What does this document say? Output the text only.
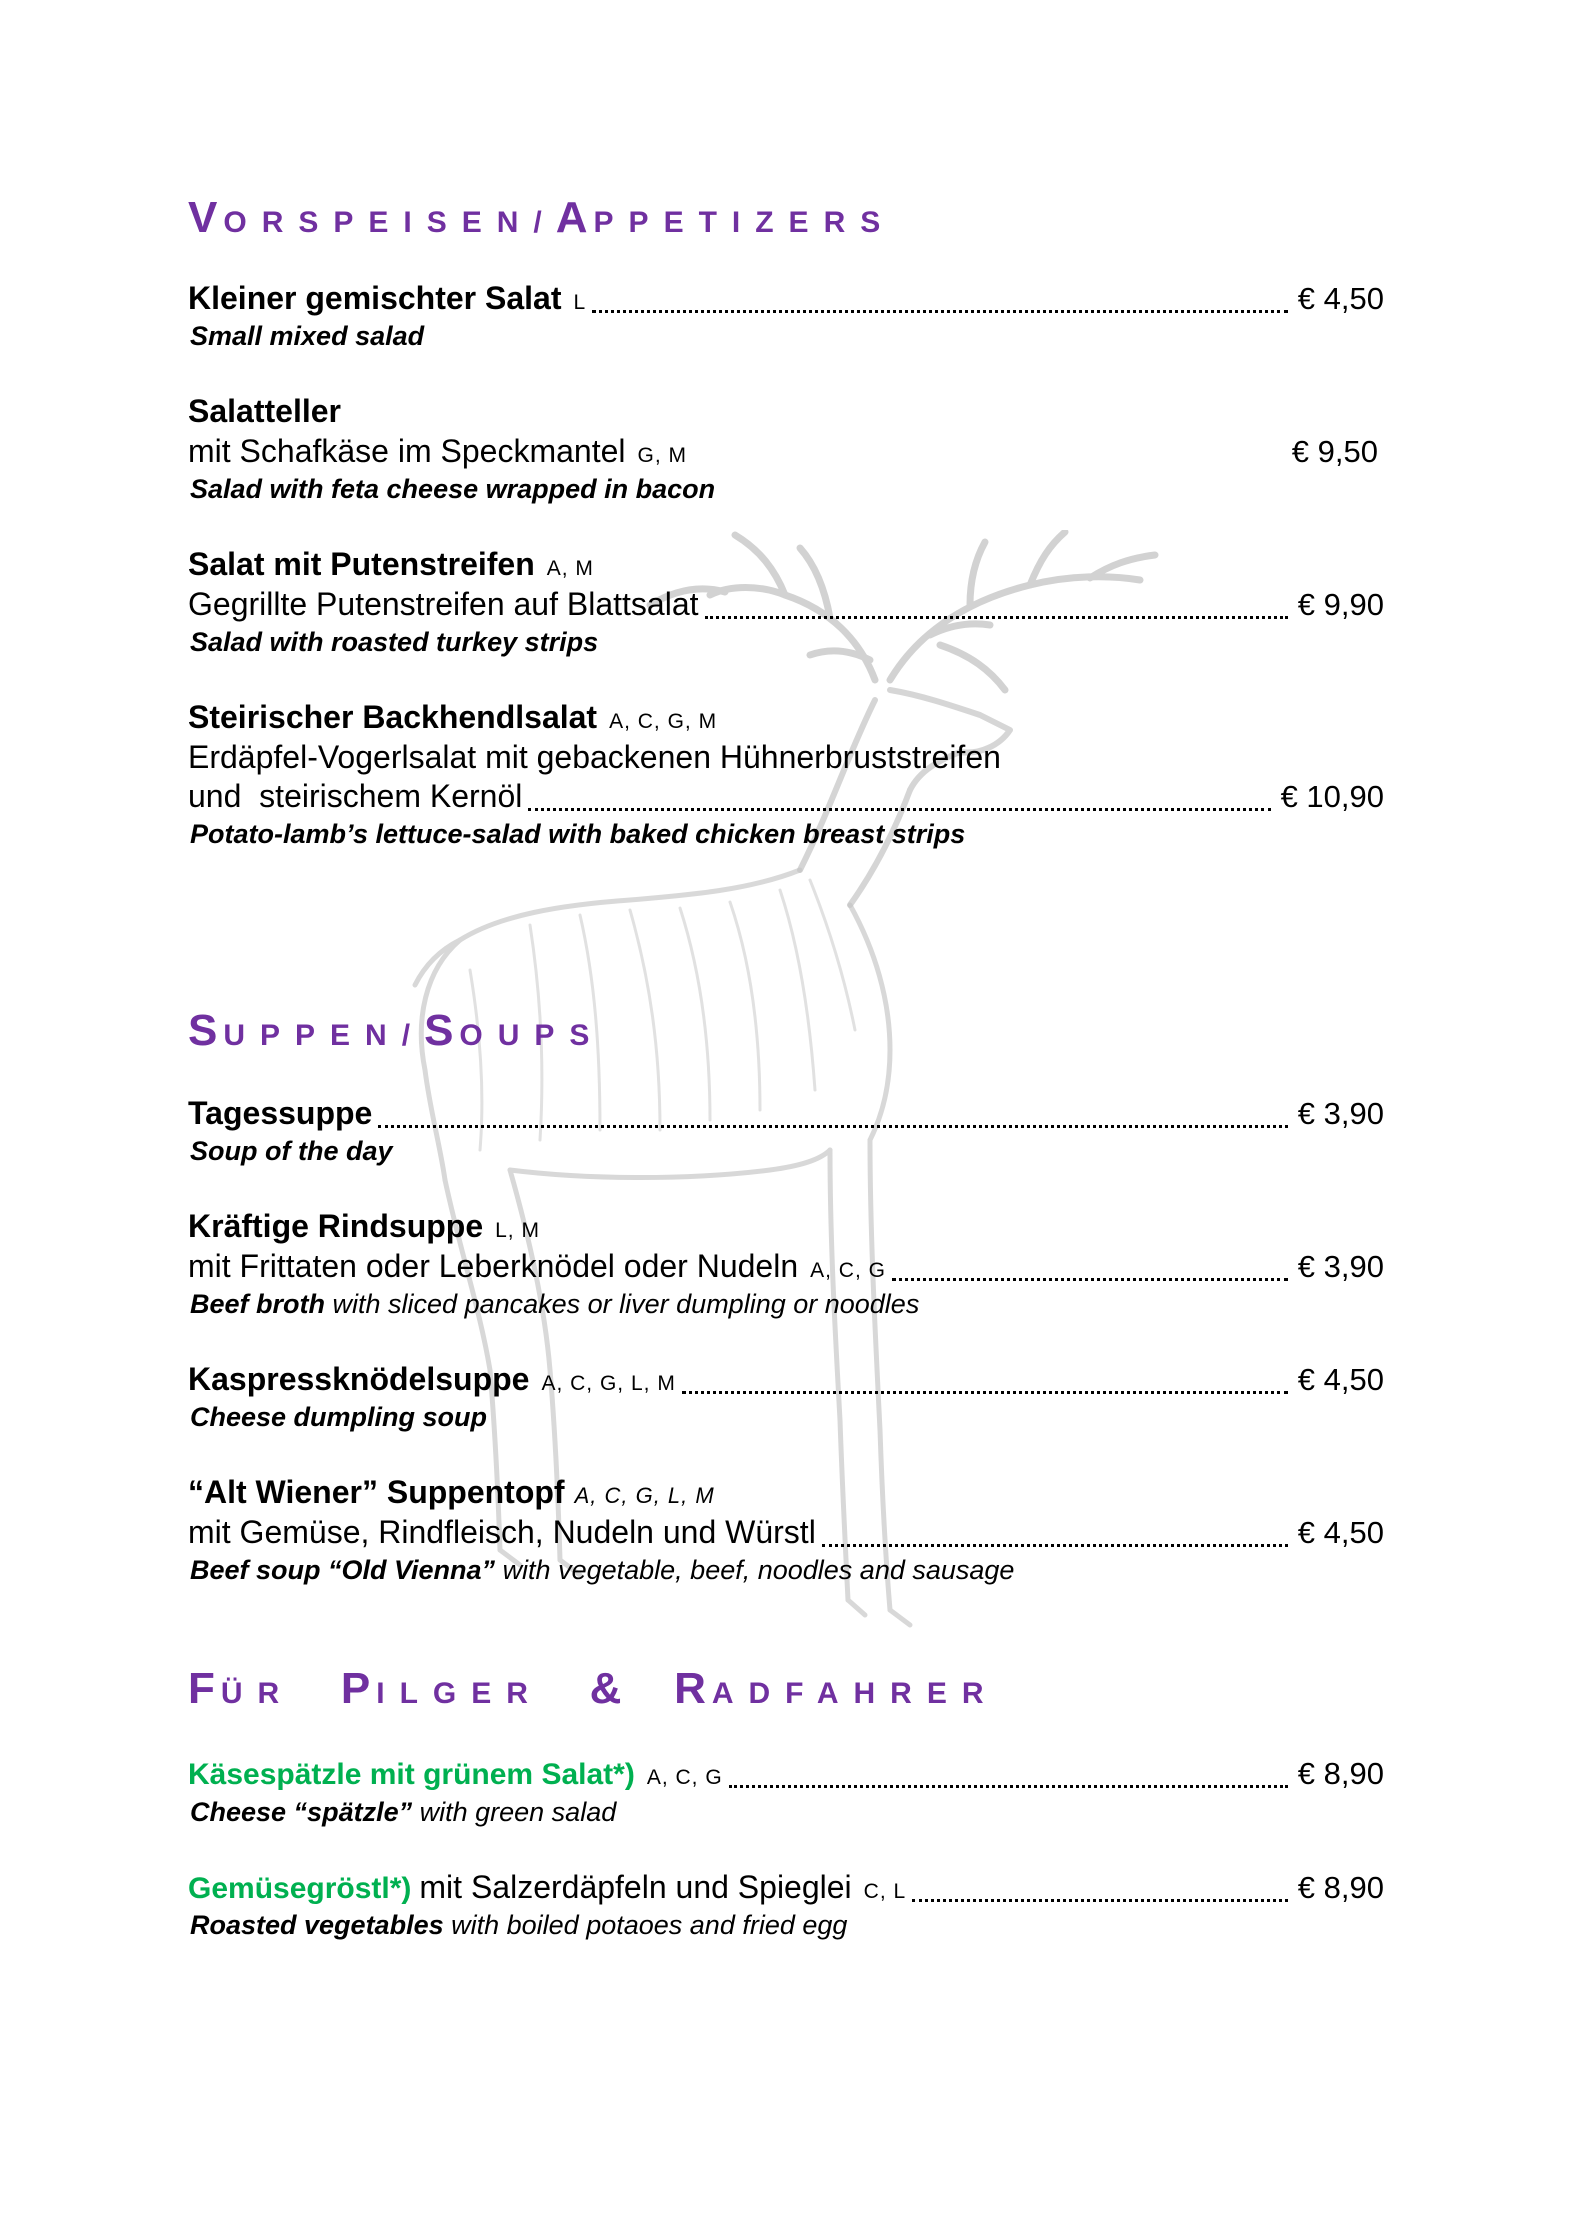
VORSPEISEN/APPETIZERS
Kleiner gemischter Salat L	€ 4,50
Small mixed salad
Salatteller
mit Schafkäse im Speckmantel G, M	€ 9,50
Salad with feta cheese wrapped in bacon
Salat mit Putenstreifen A, M
Gegrillte Putenstreifen auf Blattsalat	€ 9,90
Salad with roasted turkey strips
Steirischer Backhendlsalat A, C, G, M
Erdäpfel-Vogerlsalat mit gebackenen Hühnerbruststreifen
und  steirischem Kernöl	€ 10,90
Potato-lamb’s lettuce-salad with baked chicken breast strips
SUPPEN/SOUPS
Tagessuppe	€ 3,90
Soup of the day
Kräftige Rindsuppe L, M
mit Frittaten oder Leberknödel oder Nudeln A, C, G	€ 3,90
Beef broth with sliced pancakes or liver dumpling or noodles
Kaspressknödelsuppe A, C, G, L, M	€ 4,50
Cheese dumpling soup
“Alt Wiener” Suppentopf A, C, G, L, M
mit Gemüse, Rindfleisch, Nudeln und Würstl	€ 4,50
Beef soup “Old Vienna” with vegetable, beef, noodles and sausage
FÜR PILGER & RADFAHRER
Käsespätzle mit grünem Salat*) A, C, G	€ 8,90
Cheese “spätzle” with green salad
Gemüsegröstl*) mit Salzerdäpfeln und Spieglei C, L	€ 8,90
Roasted vegetables with boiled potaoes and fried egg
